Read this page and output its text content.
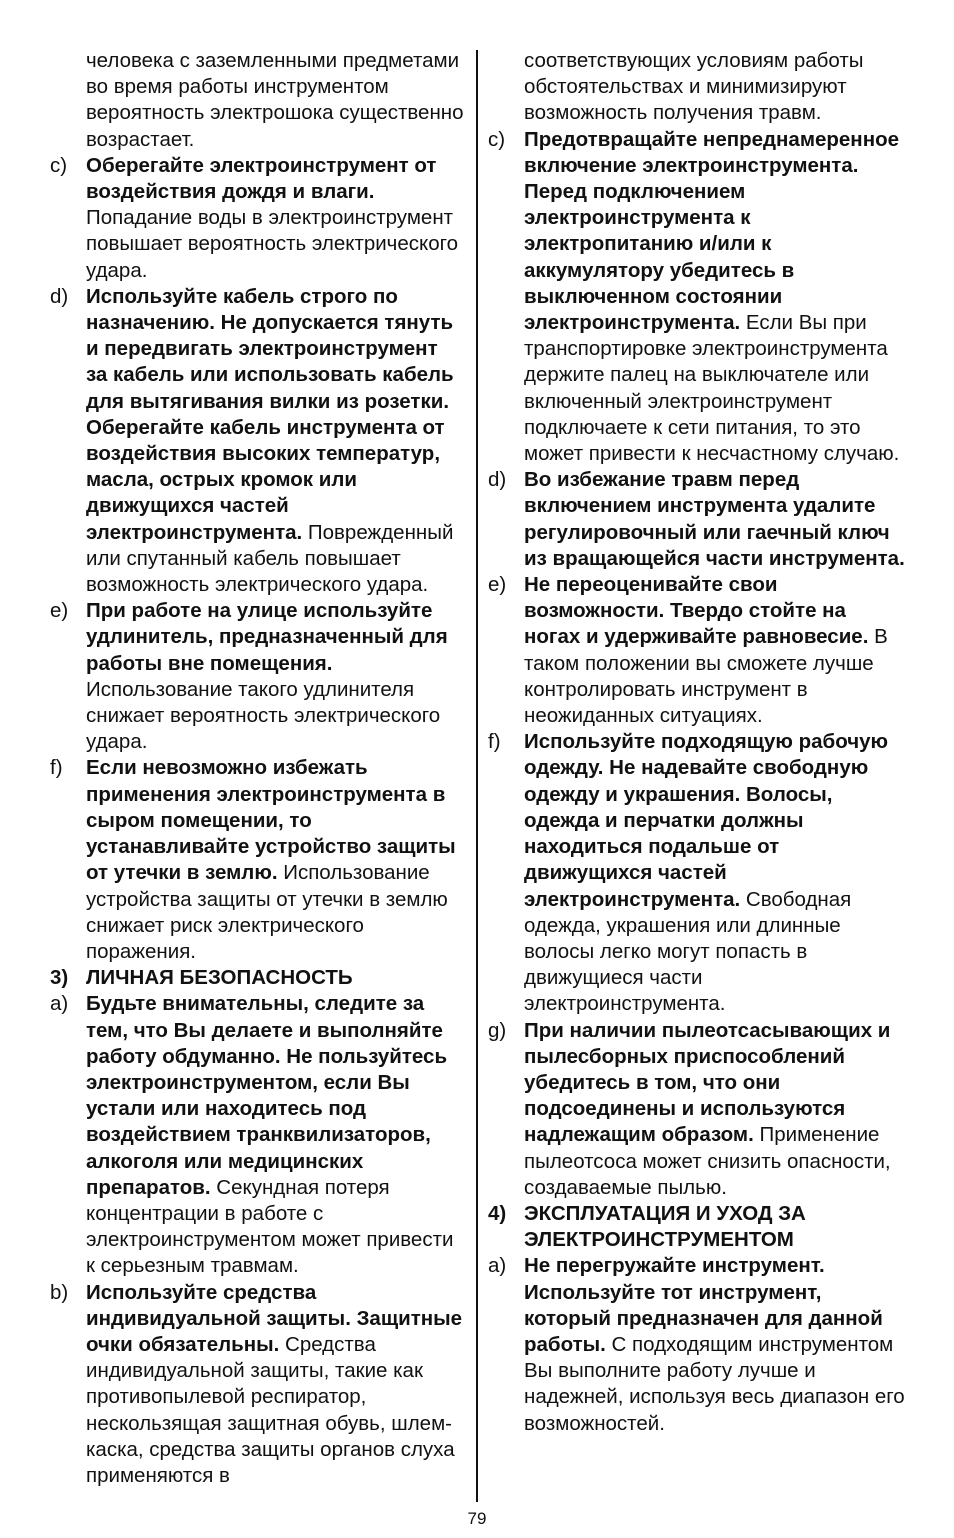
человека с заземленными предметами во время работы инструментом вероятность электрошока существенно возрастает.

c) Оберегайте электроинструмент от воздействия дождя и влаги. Попадание воды в электроинструмент повышает вероятность электрического удара.
d) Используйте кабель строго по назначению. Не допускается тянуть и передвигать электроинструмент за кабель или использовать кабель для вытягивания вилки из розетки. Оберегайте кабель инструмента от воздействия высоких температур, масла, острых кромок или движущихся частей электроинструмента. Поврежденный или спутанный кабель повышает возможность электрического удара.
e) При работе на улице используйте удлинитель, предназначенный для работы вне помещения. Использование такого удлинителя снижает вероятность электрического удара.
f) Если невозможно избежать применения электроинструмента в сыром помещении, то устанавливайте устройство защиты от утечки в землю. Использование устройства защиты от утечки в землю снижает риск электрического поражения.
3) ЛИЧНАЯ БЕЗОПАСНОСТЬ
a) Будьте внимательны, следите за тем, что Вы делаете и выполняйте работу обдуманно. Не пользуйтесь электроинструментом, если Вы устали или находитесь под воздействием транквилизаторов, алкоголя или медицинских препаратов. Секундная потеря концентрации в работе с электроинструментом может привести к серьезным травмам.
b) Используйте средства индивидуальной защиты. Защитные очки обязательны. Средства индивидуальной защиты, такие как противопылевой респиратор, нескользящая защитная обувь, шлем-каска, средства защиты органов слуха применяются в

соответствующих условиям работы обстоятельствах и минимизируют возможность получения травм.

c) Предотвращайте непреднамеренное включение электроинструмента. Перед подключением электроинструмента к электропитанию и/или к аккумулятору убедитесь в выключенном состоянии электроинструмента. Если Вы при транспортировке электроинструмента держите палец на выключателе или включенный электроинструмент подключаете к сети питания, то это может привести к несчастному случаю.
d) Во избежание травм перед включением инструмента удалите регулировочный или гаечный ключ из вращающейся части инструмента.
e) Не переоценивайте свои возможности. Твердо стойте на ногах и удерживайте равновесие. В таком положении вы сможете лучше контролировать инструмент в неожиданных ситуациях.
f) Используйте подходящую рабочую одежду. Не надевайте свободную одежду и украшения. Волосы, одежда и перчатки должны находиться подальше от движущихся частей электроинструмента. Свободная одежда, украшения или длинные волосы легко могут попасть в движущиеся части электроинструмента.
g) При наличии пылеотсасывающих и пылесборных приспособлений убедитесь в том, что они подсоединены и используются надлежащим образом. Применение пылеотсоса может снизить опасности, создаваемые пылью.
4) ЭКСПЛУАТАЦИЯ И УХОД ЗА ЭЛЕКТРОИНСТРУМЕНТОМ
a) Не перегружайте инструмент. Используйте тот инструмент, который предназначен для данной работы. С подходящим инструментом Вы выполните работу лучше и надежней, используя весь диапазон его возможностей.
79
